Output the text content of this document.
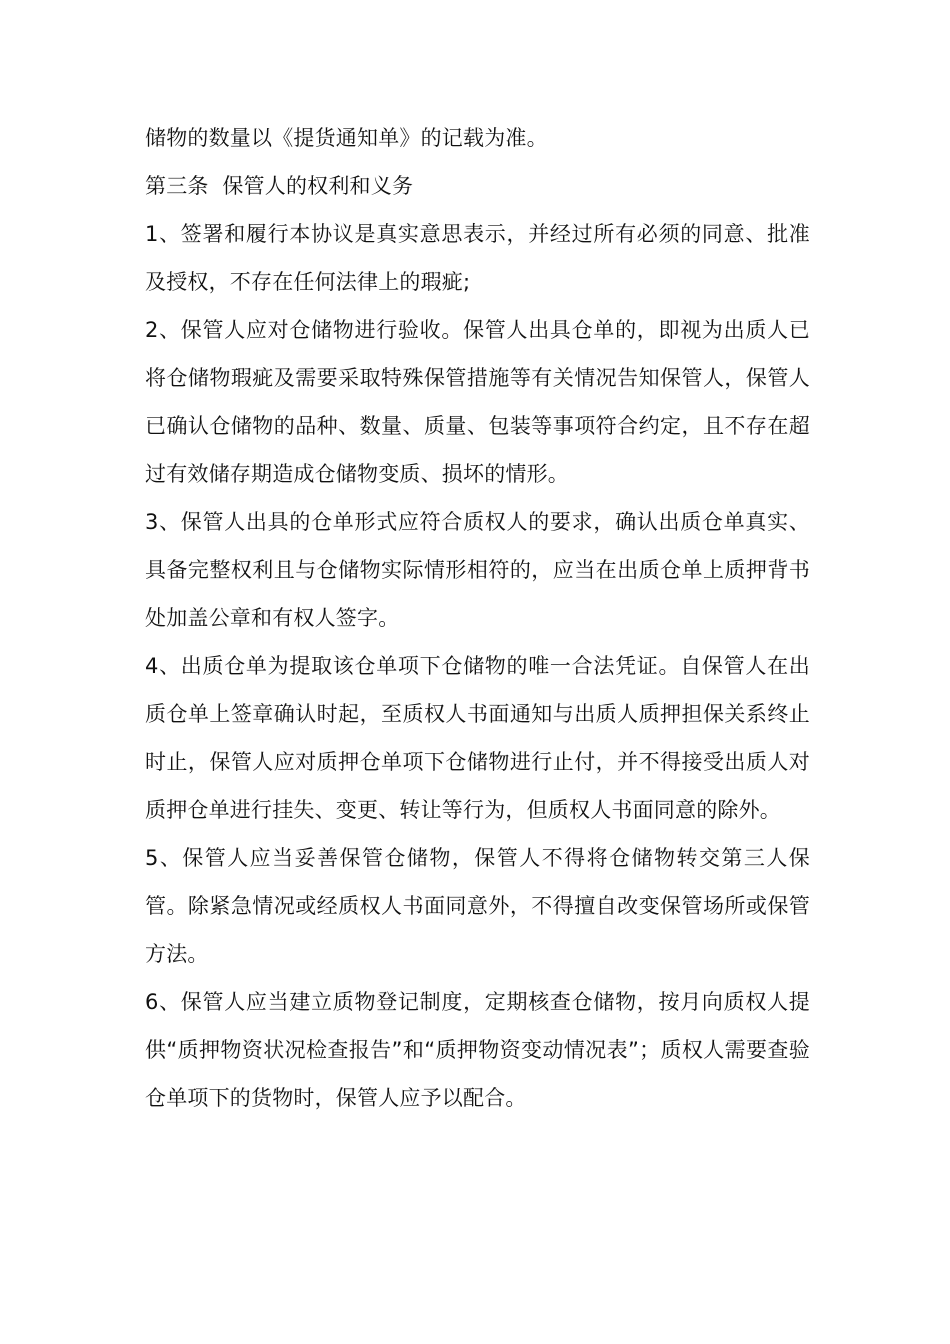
储物的数量以《提货通知单》的记载为准。

第三条  保管人的权利和义务

1、签署和履行本协议是真实意思表示，并经过所有必须的同意、批准及授权，不存在任何法律上的瑕疵;

2、保管人应对仓储物进行验收。保管人出具仓单的，即视为出质人已将仓储物瑕疵及需要采取特殊保管措施等有关情况告知保管人，保管人已确认仓储物的品种、数量、质量、包装等事项符合约定，且不存在超过有效储存期造成仓储物变质、损坏的情形。

3、保管人出具的仓单形式应符合质权人的要求，确认出质仓单真实、具备完整权利且与仓储物实际情形相符的，应当在出质仓单上质押背书处加盖公章和有权人签字。

4、出质仓单为提取该仓单项下仓储物的唯一合法凭证。自保管人在出质仓单上签章确认时起，至质权人书面通知与出质人质押担保关系终止时止，保管人应对质押仓单项下仓储物进行止付，并不得接受出质人对质押仓单进行挂失、变更、转让等行为，但质权人书面同意的除外。

5、保管人应当妥善保管仓储物，保管人不得将仓储物转交第三人保管。除紧急情况或经质权人书面同意外，不得擅自改变保管场所或保管方法。

6、保管人应当建立质物登记制度，定期核查仓储物，按月向质权人提供“质押物资状况检查报告”和“质押物资变动情况表”；质权人需要查验仓单项下的货物时，保管人应予以配合。
